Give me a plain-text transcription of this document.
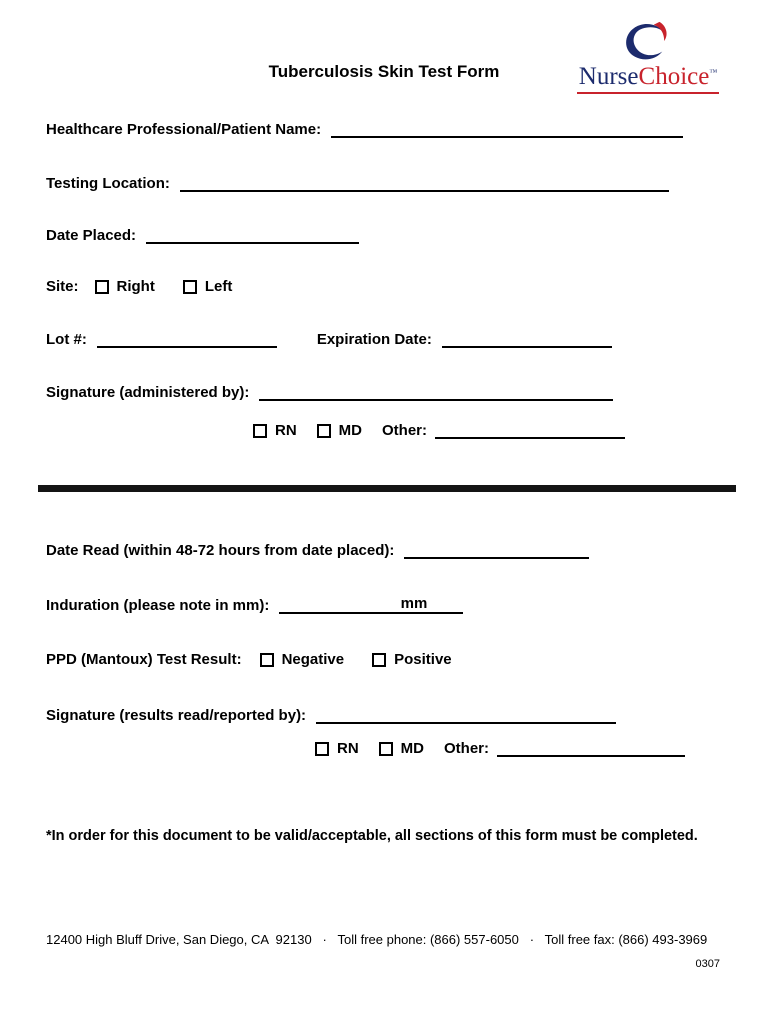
Tuberculosis Skin Test Form	NurseChoice™
Healthcare Professional/Patient Name:
Testing Location:
Date Placed:
Site:	Right	Left
Lot #:	Expiration Date:
Signature (administered by):
RN	MD Other:
Date Read (within 48-72 hours from date placed):
Induration (please note in mm):	mm
PPD (Mantoux) Test Result:	Negative	Positive
Signature (results read/reported by):
RN	MD Other:
*In order for this document to be valid/acceptable, all sections of this form must be completed.
12400 High Bluff Drive, San Diego, CA  92130   ·   Toll free phone: (866) 557-6050   ·   Toll free fax: (866) 493-3969
0307
